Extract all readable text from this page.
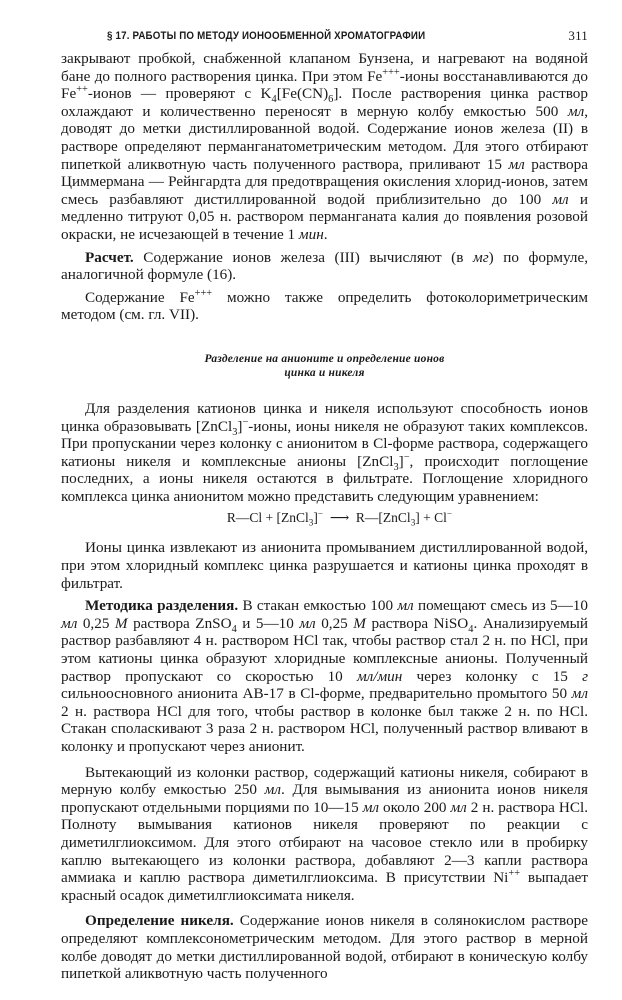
§ 17. РАБОТЫ ПО МЕТОДУ ИОНООБМЕННОЙ ХРОМАТОГРАФИИ	311

закрывают пробкой, снабженной клапаном Бунзена, и нагревают на водяной бане до полного растворения цинка. При этом Fe+++-ионы восстанавливаются до Fe++-ионов — проверяют с $K_4[Fe(CN)_6]$. После растворения цинка раствор охлаждают и количественно переносят в мерную колбу емкостью 500 мл, доводят до метки дистиллированной водой. Содержание ионов железа (II) в растворе определяют перманганатометрическим методом. Для этого отбирают пипеткой аликвотную часть полученного раствора, приливают 15 мл раствора Циммермана — Рейнгардта для предотвращения окисления хлорид-ионов, затем смесь разбавляют дистиллированной водой приблизительно до 100 мл и медленно титруют 0,05 н. раствором перманганата калия до появления розовой окраски, не исчезающей в течение 1 мин.

Расчет. Содержание ионов железа (III) вычисляют (в мг) по формуле, аналогичной формуле (16).

Содержание Fe+++ можно также определить фотоколориметрическим методом (см. гл. VII).

Разделение на анионите и определение ионов
цинка и никеля

Для разделения катионов цинка и никеля используют способность ионов цинка образовывать [ZnCl$_3$]−-ионы, ионы никеля не образуют таких комплексов. При пропускании через колонку с анионитом в Cl-форме раствора, содержащего катионы никеля и комплексные анионы [ZnCl$_3$]−, происходит поглощение последних, а ионы никеля остаются в фильтрате. Поглощение хлоридного комплекса цинка анионитом можно представить следующим уравнением:

R—Cl + [ZnCl$_3$]− ⟶ R—[ZnCl$_3$] + Cl−

Ионы цинка извлекают из анионита промыванием дистиллированной водой, при этом хлоридный комплекс цинка разрушается и катионы цинка проходят в фильтрат.

Методика разделения. В стакан емкостью 100 мл помещают смесь из 5—10 мл 0,25 М раствора ZnSO$_4$ и 5—10 мл 0,25 М раствора NiSO$_4$. Анализируемый раствор разбавляют 4 н. раствором HCl так, чтобы раствор стал 2 н. по HCl, при этом катионы цинка образуют хлоридные комплексные анионы. Полученный раствор пропускают со скоростью 10 мл/мин через колонку с 15 г сильноосновного анионита АВ-17 в Cl-форме, предварительно промытого 50 мл 2 н. раствора HCl для того, чтобы раствор в колонке был также 2 н. по HCl. Стакан споласкивают 3 раза 2 н. раствором HCl, полученный раствор вливают в колонку и пропускают через анионит.

Вытекающий из колонки раствор, содержащий катионы никеля, собирают в мерную колбу емкостью 250 мл. Для вымывания из анионита ионов никеля пропускают отдельными порциями по 10—15 мл около 200 мл 2 н. раствора HCl. Полноту вымывания катионов никеля проверяют по реакции с диметилглиоксимом. Для этого отбирают на часовое стекло или в пробирку каплю вытекающего из колонки раствора, добавляют 2—3 капли раствора аммиака и каплю раствора диметилглиоксима. В присутствии Ni++ выпадает красный осадок диметилглиоксимата никеля.

Определение никеля. Содержание ионов никеля в солянокислом растворе определяют комплексонометрическим методом. Для этого раствор в мерной колбе доводят до метки дистиллированной водой, отбирают в коническую колбу пипеткой аликвотную часть полученного
